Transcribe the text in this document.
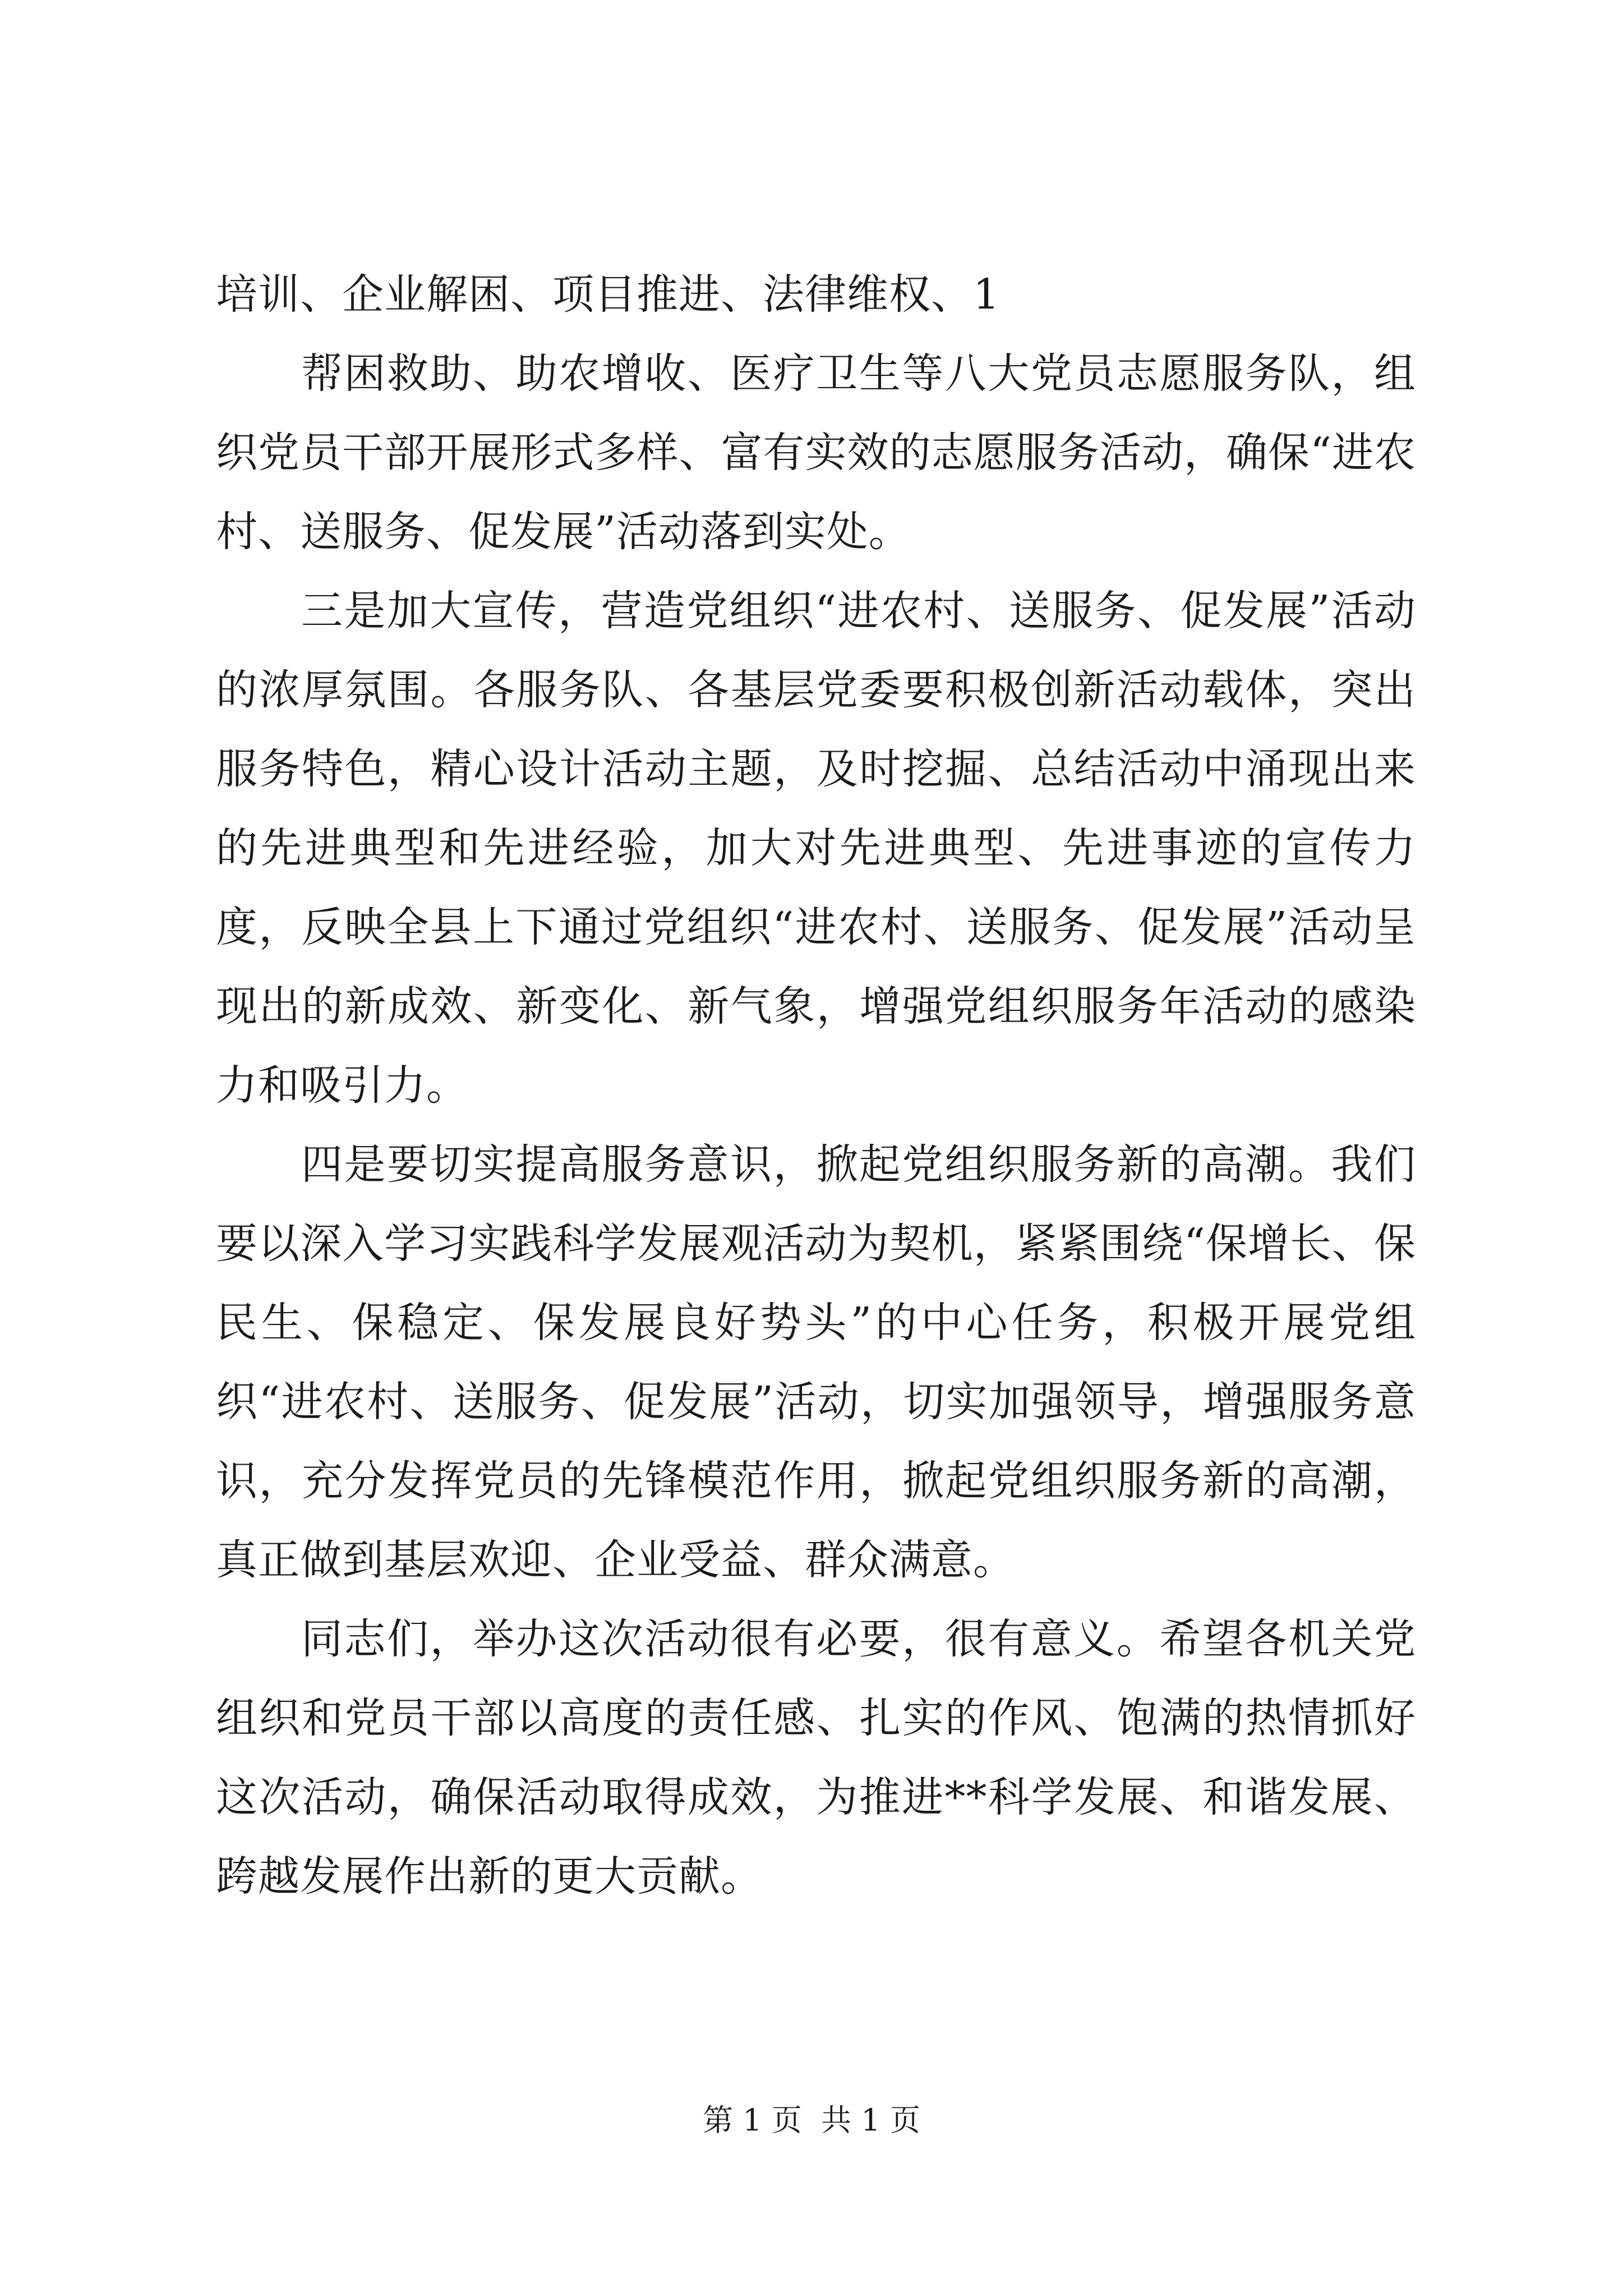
培训、企业解困、项目推进、法律维权、1

帮困救助、助农增收、医疗卫生等八大党员志愿服务队，组织党员干部开展形式多样、富有实效的志愿服务活动，确保“进农村、送服务、促发展”活动落到实处。

三是加大宣传，营造党组织“进农村、送服务、促发展”活动的浓厚氛围。各服务队、各基层党委要积极创新活动载体，突出服务特色，精心设计活动主题，及时挖掘、总结活动中涌现出来的先进典型和先进经验，加大对先进典型、先进事迹的宣传力度，反映全县上下通过党组织“进农村、送服务、促发展”活动呈现出的新成效、新变化、新气象，增强党组织服务年活动的感染力和吸引力。

四是要切实提高服务意识，掀起党组织服务新的高潮。我们要以深入学习实践科学发展观活动为契机，紧紧围绕“保增长、保民生、保稳定、保发展良好势头”的中心任务，积极开展党组织“进农村、送服务、促发展”活动，切实加强领导，增强服务意识，充分发挥党员的先锋模范作用，掀起党组织服务新的高潮，真正做到基层欢迎、企业受益、群众满意。

同志们，举办这次活动很有必要，很有意义。希望各机关党组织和党员干部以高度的责任感、扎实的作风、饱满的热情抓好这次活动，确保活动取得成效，为推进**科学发展、和谐发展、跨越发展作出新的更大贡献。

第 1 页  共 1 页
